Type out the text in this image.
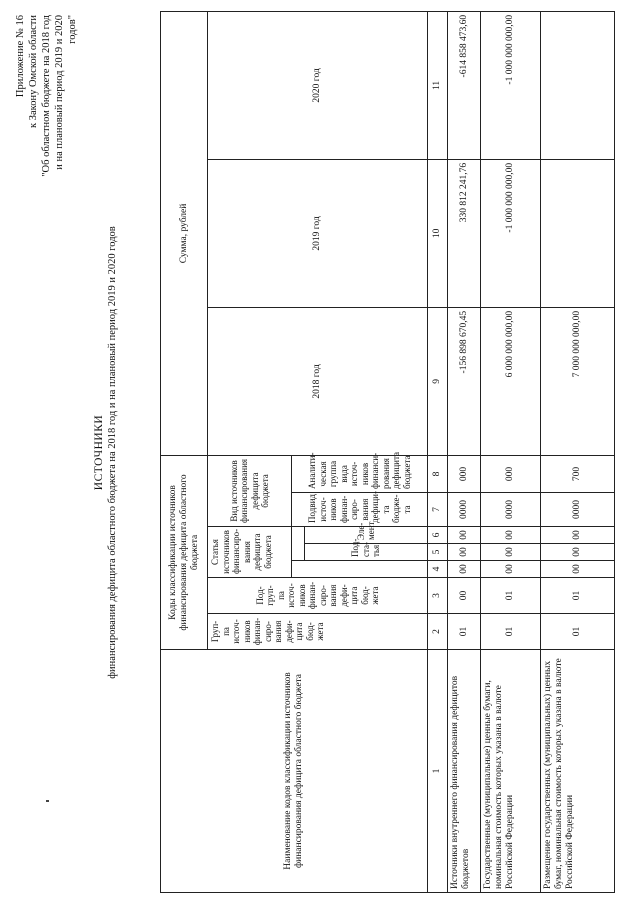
Приложение № 16 к Закону Омской области "Об областном бюджете на 2018 год и на плановый период 2019 и 2020 годов"
ИСТОЧНИКИ финансирования дефицита областного бюджета на 2018 год и на плановый период 2019 и 2020 годов
Наименование кодов классификации источников финансирования дефицита областного бюджета	Коды классификации источников финансирования дефицита областного бюджета							Сумма, рублей		
	Груп-па источ-ников финан-сиро-вания дефи-цита бюд-жета	Под-груп-па источ-ников финан-сиро-вания дефи-цита бюд-жета	Статья источников финансиро-вания дефицита бюджета			Вид источников финансирования дефицита бюджета		2018 год	2019 год	2020 год
						Подвид источ-ников финан-сиро-вания дефици-та бюдже-та	Аналити-ческая группа вида источ-ников финанси-рования дефицита бюджета			
				Под-ста-тья	Эле-мент					
1	2	3	4	5	6	7	8	9	10	11
Источники внутреннего финансирования дефицитов бюджетов	01	00	00	00	00	0000	000	-156 898 670,45	330 812 241,76	-614 858 473,60
Государственные (муниципальные) ценные бумаги, номинальная стоимость которых указана в валюте Российской Федерации	01	01	00	00	00	0000	000	6 000 000 000,00	-1 000 000 000,00	-1 000 000 000,00
Размещение государственных (муниципальных) ценных бумаг, номинальная стоимость которых указана в валюте Российской Федерации	01	01	00	00	00	0000	700	7 000 000 000,00		
